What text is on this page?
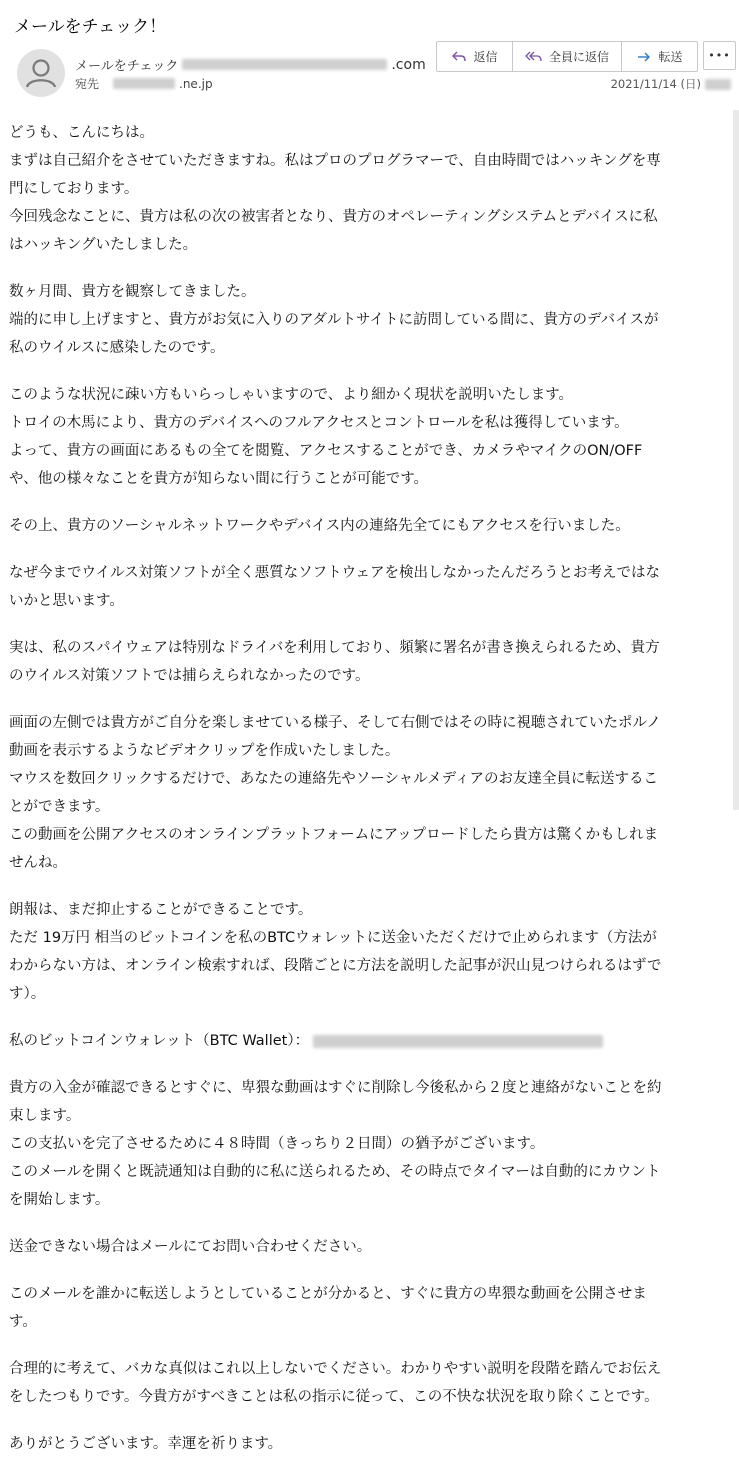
メールをチェック！
メールをチェック	.com
宛先	.ne.jp
返信	全員に返信	転送 •••
2021/11/14 (日)
どうも、こんにちは。
まずは自己紹介をさせていただきますね。私はプロのプログラマーで、自由時間ではハッキングを専
門にしております。
今回残念なことに、貴方は私の次の被害者となり、貴方のオペレーティングシステムとデバイスに私
はハッキングいたしました。
数ヶ月間、貴方を観察してきました。
端的に申し上げますと、貴方がお気に入りのアダルトサイトに訪問している間に、貴方のデバイスが
私のウイルスに感染したのです。
このような状況に疎い方もいらっしゃいますので、より細かく現状を説明いたします。
トロイの木馬により、貴方のデバイスへのフルアクセスとコントロールを私は獲得しています。
よって、貴方の画面にあるもの全てを閲覧、アクセスすることができ、カメラやマイクのON/OFF
や、他の様々なことを貴方が知らない間に行うことが可能です。
その上、貴方のソーシャルネットワークやデバイス内の連絡先全てにもアクセスを行いました。
なぜ今までウイルス対策ソフトが全く悪質なソフトウェアを検出しなかったんだろうとお考えではな
いかと思います。
実は、私のスパイウェアは特別なドライバを利用しており、頻繁に署名が書き換えられるため、貴方
のウイルス対策ソフトでは捕らえられなかったのです。
画面の左側では貴方がご自分を楽しませている様子、そして右側ではその時に視聴されていたポルノ
動画を表示するようなビデオクリップを作成いたしました。
マウスを数回クリックするだけで、あなたの連絡先やソーシャルメディアのお友達全員に転送するこ
とができます。
この動画を公開アクセスのオンラインプラットフォームにアップロードしたら貴方は驚くかもしれま
せんね。
朗報は、まだ抑止することができることです。
ただ 19万円 相当のビットコインを私のBTCウォレットに送金いただくだけで止められます（方法が
わからない方は、オンライン検索すれば、段階ごとに方法を説明した記事が沢山見つけられるはずで
す）。
私のビットコインウォレット（BTC Wallet）：
貴方の入金が確認できるとすぐに、卑猥な動画はすぐに削除し今後私から２度と連絡がないことを約
束します。
この支払いを完了させるために４８時間（きっちり２日間）の猶予がございます。
このメールを開くと既読通知は自動的に私に送られるため、その時点でタイマーは自動的にカウント
を開始します。
送金できない場合はメールにてお問い合わせください。
このメールを誰かに転送しようとしていることが分かると、すぐに貴方の卑猥な動画を公開させま
す。
合理的に考えて、バカな真似はこれ以上しないでください。わかりやすい説明を段階を踏んでお伝え
をしたつもりです。今貴方がすべきことは私の指示に従って、この不快な状況を取り除くことです。
ありがとうございます。幸運を祈ります。
